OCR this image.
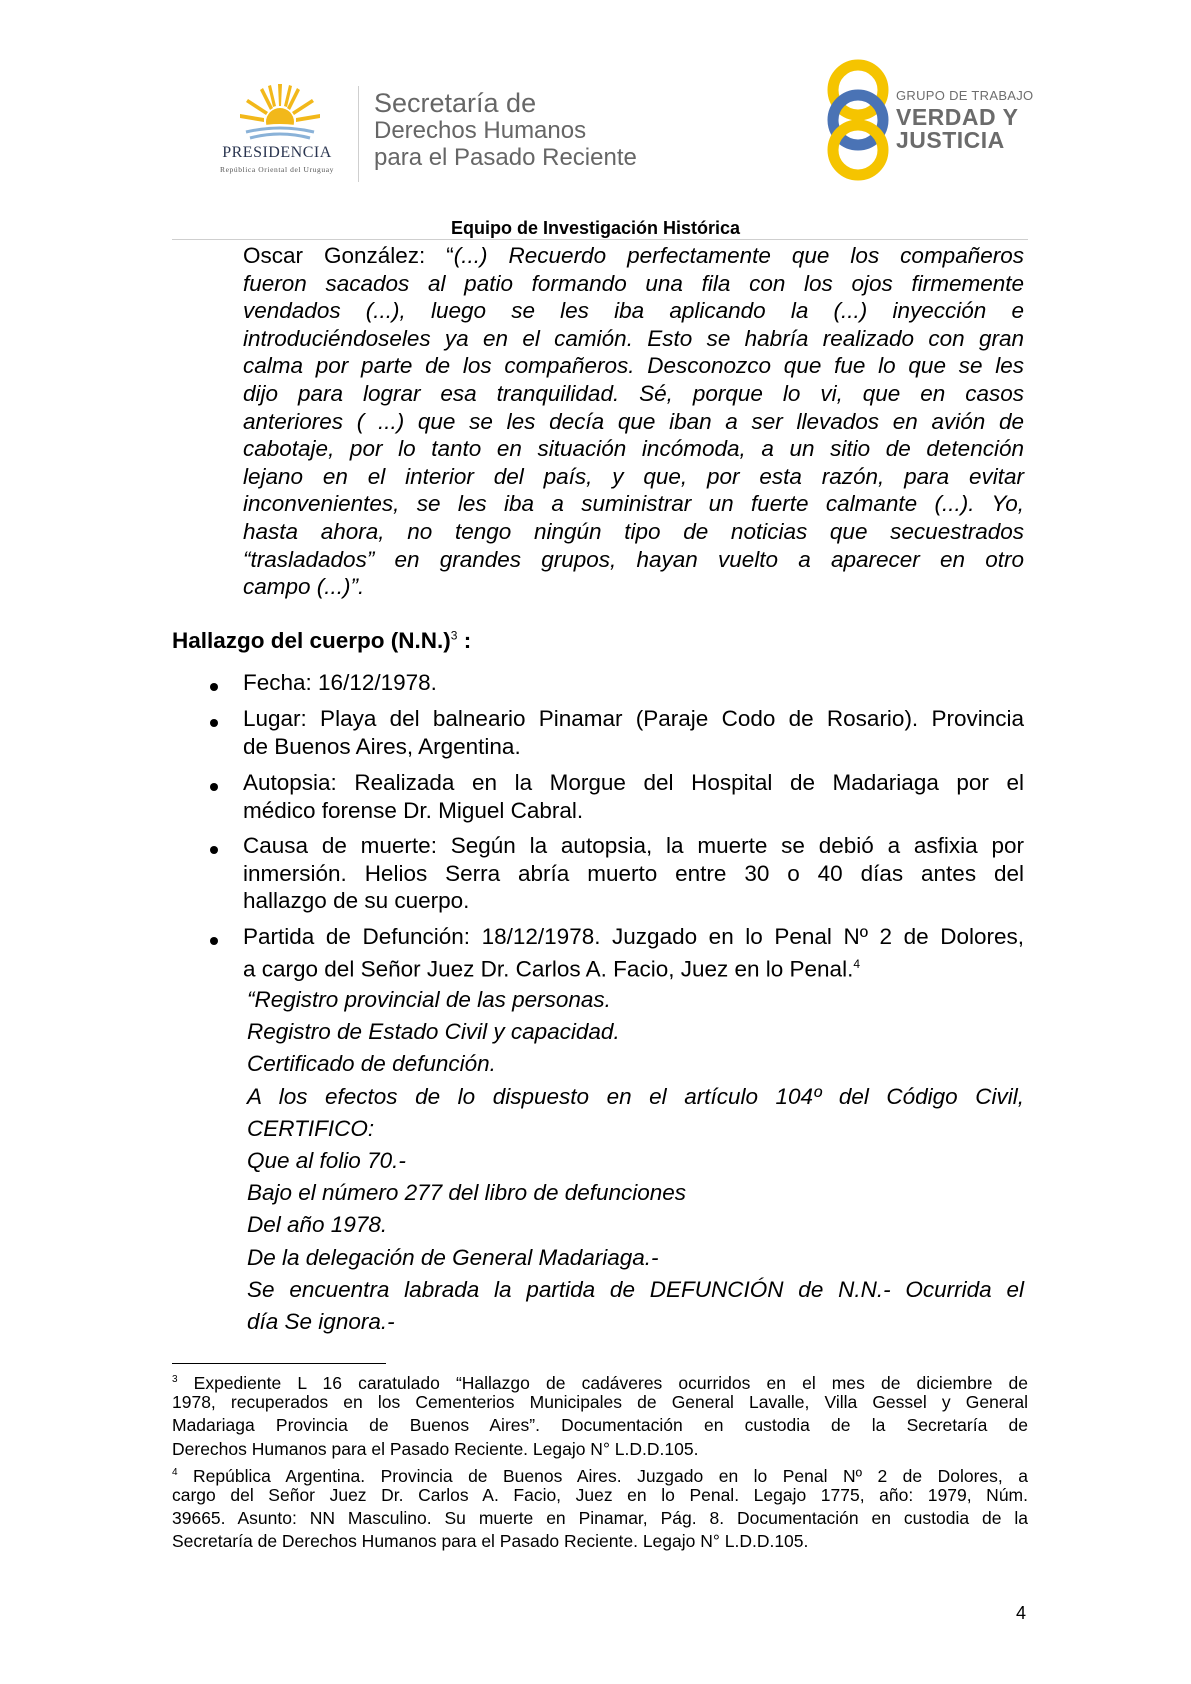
PRESIDENCIA
República Oriental del Uruguay
Secretaría de
Derechos Humanos
para el Pasado Reciente
GRUPO DE TRABAJO
VERDAD Y
JUSTICIA
Equipo de Investigación Histórica
Oscar González: “(...) Recuerdo perfectamente que los compañeros
fueron sacados al patio formando una fila con los ojos firmemente
vendados (...), luego se les iba aplicando la (...) inyección e
introduciéndoseles ya en el camión. Esto se habría realizado con gran
calma por parte de los compañeros. Desconozco que fue lo que se les
dijo para lograr esa tranquilidad. Sé, porque lo vi, que en casos
anteriores ( ...) que se les decía que iban a ser llevados en avión de
cabotaje, por lo tanto en situación incómoda, a un sitio de detención
lejano en el interior del país, y que, por esta razón, para evitar
inconvenientes, se les iba a suministrar un fuerte calmante (...). Yo,
hasta ahora, no tengo ningún tipo de noticias que secuestrados
“trasladados” en grandes grupos, hayan vuelto a aparecer en otro
campo (...)”.
Hallazgo del cuerpo $(N.N.)^3$ :
Fecha: 16/12/1978.
Lugar: Playa del balneario Pinamar (Paraje Codo de Rosario). Provincia
de Buenos Aires, Argentina.
Autopsia: Realizada en la Morgue del Hospital de Madariaga por el
médico forense Dr. Miguel Cabral.
Causa de muerte: Según la autopsia, la muerte se debió a asfixia por
inmersión. Helios Serra abría muerto entre 30 o 40 días antes del
hallazgo de su cuerpo.
Partida de Defunción: 18/12/1978. Juzgado en lo Penal Nº 2 de Dolores,
a cargo del Señor Juez Dr. Carlos A. Facio, Juez en lo Penal.$^4$
“Registro provincial de las personas.
Registro de Estado Civil y capacidad.
Certificado de defunción.
A los efectos de lo dispuesto en el artículo 104º del Código Civil,
CERTIFICO:
Que al folio 70.-
Bajo el número 277 del libro de defunciones
Del año 1978.
De la delegación de General Madariaga.-
Se encuentra labrada la partida de DEFUNCIÓN de N.N.- Ocurrida el
día Se ignora.-
$^3$ Expediente L 16 caratulado “Hallazgo de cadáveres ocurridos en el mes de diciembre de
1978, recuperados en los Cementerios Municipales de General Lavalle, Villa Gessel y General
Madariaga Provincia de Buenos Aires”. Documentación en custodia de la Secretaría de
Derechos Humanos para el Pasado Reciente. Legajo N° L.D.D.105.
$^4$ República Argentina. Provincia de Buenos Aires. Juzgado en lo Penal Nº 2 de Dolores, a
cargo del Señor Juez Dr. Carlos A. Facio, Juez en lo Penal. Legajo 1775, año: 1979, Núm.
39665. Asunto: NN Masculino. Su muerte en Pinamar, Pág. 8. Documentación en custodia de la
Secretaría de Derechos Humanos para el Pasado Reciente. Legajo N° L.D.D.105.
4
